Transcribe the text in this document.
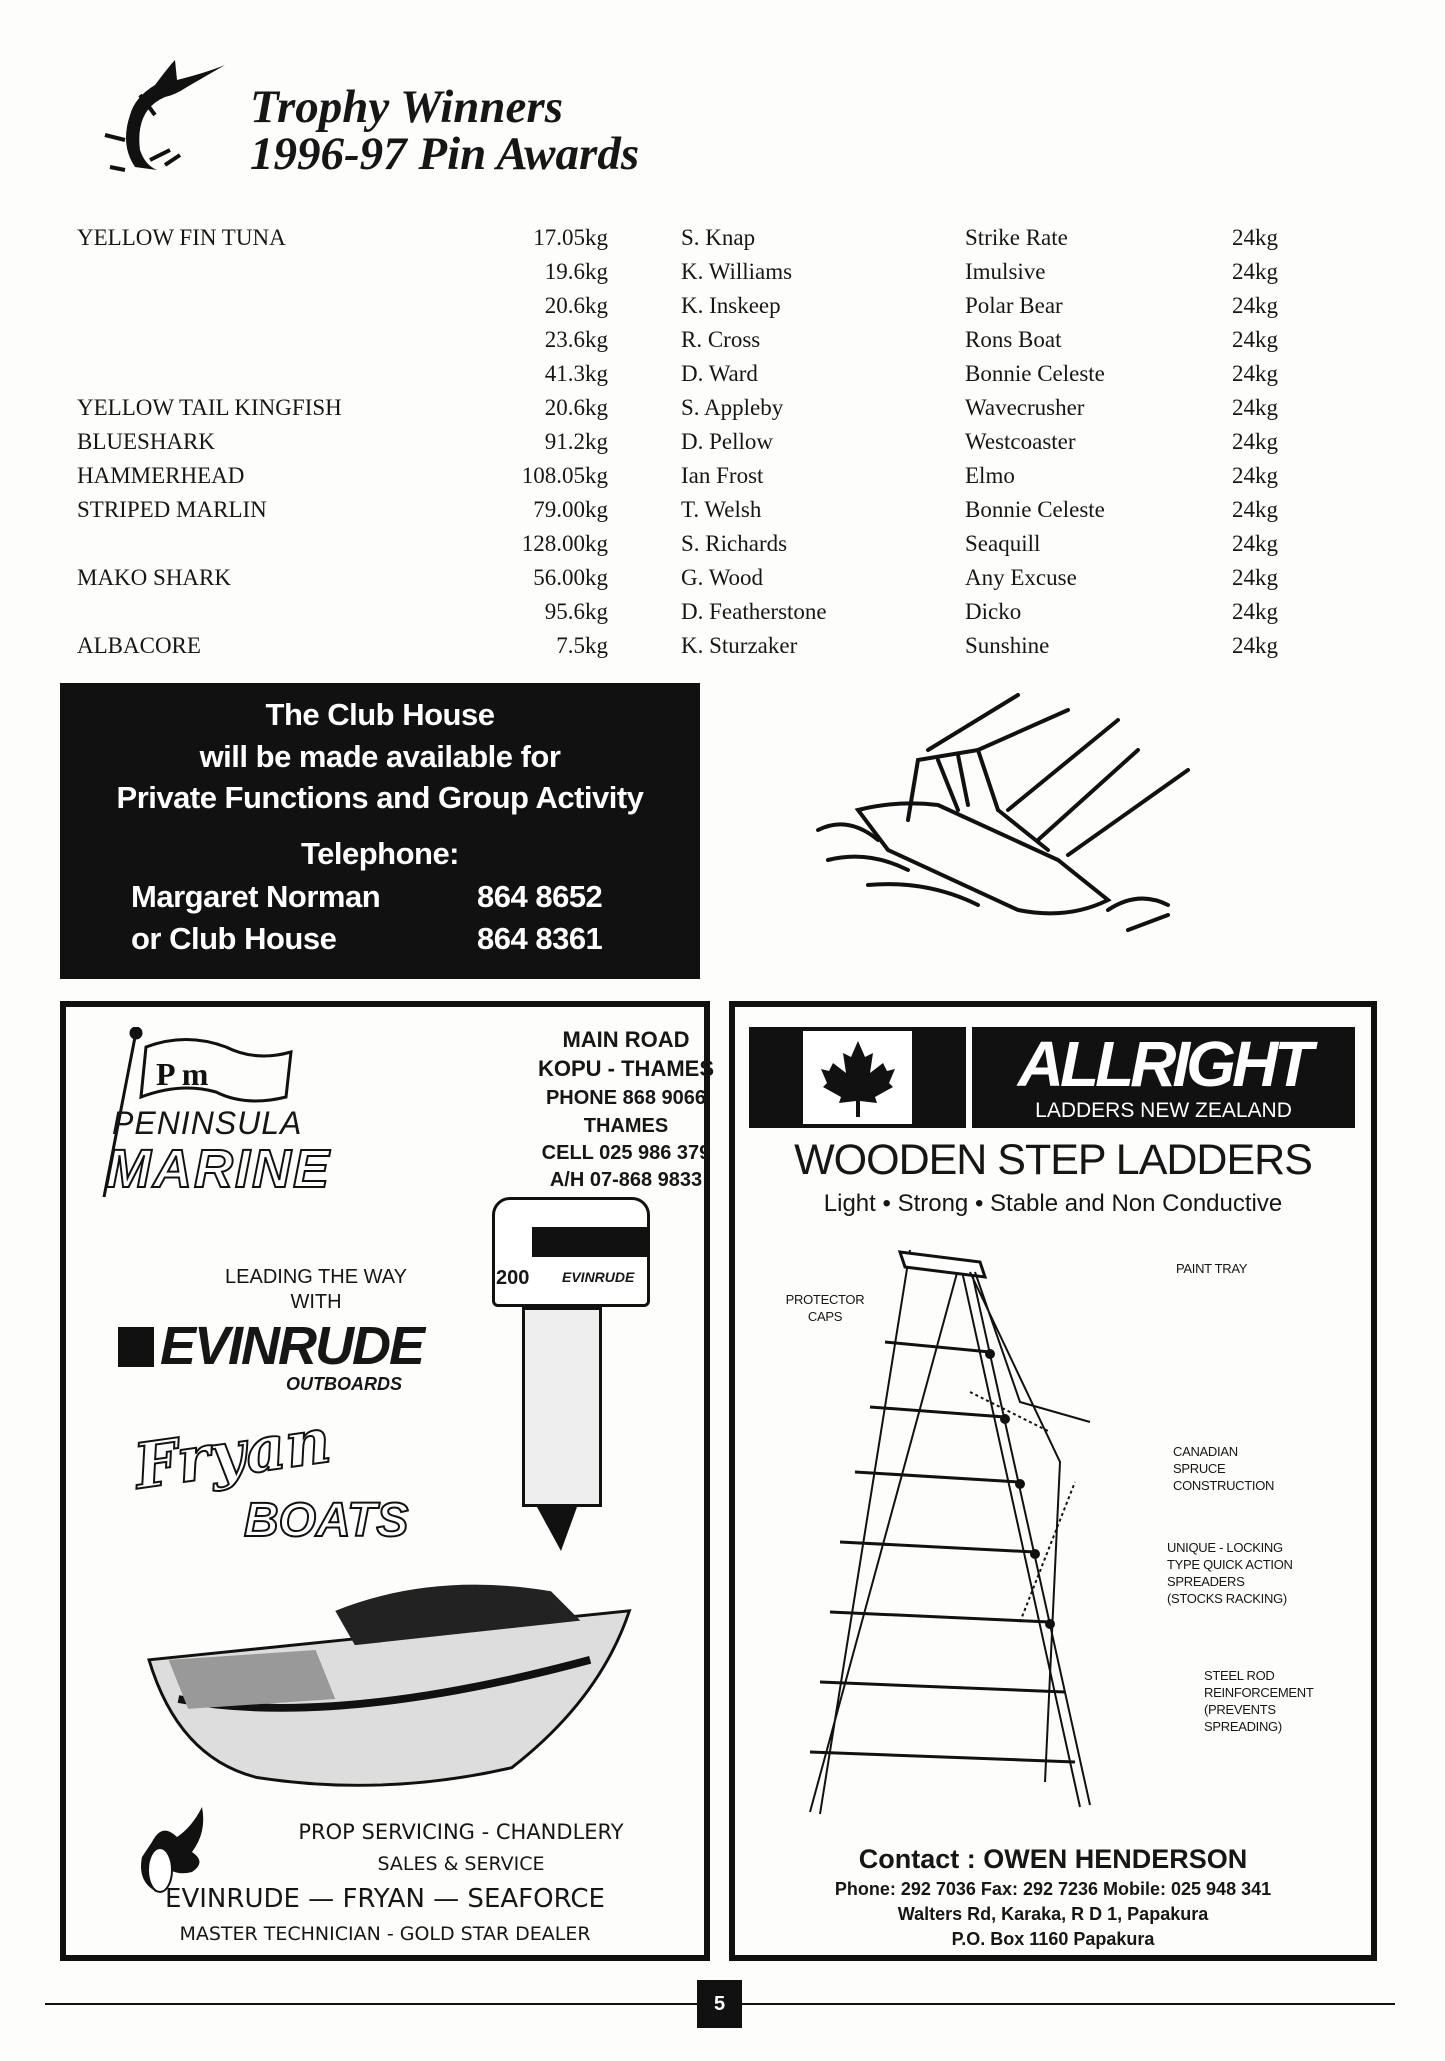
Trophy Winners
1996-97 Pin Awards
YELLOW FIN TUNA	17.05kg	S. Knap	Strike Rate	24kg
19.6kg	K. Williams	Imulsive	24kg
20.6kg	K. Inskeep	Polar Bear	24kg
23.6kg	R. Cross	Rons Boat	24kg
41.3kg	D. Ward	Bonnie Celeste	24kg
YELLOW TAIL KINGFISH	20.6kg	S. Appleby	Wavecrusher	24kg
BLUESHARK	91.2kg	D. Pellow	Westcoaster	24kg
HAMMERHEAD	108.05kg	Ian Frost	Elmo	24kg
STRIPED MARLIN	79.00kg	T. Welsh	Bonnie Celeste	24kg
128.00kg	S. Richards	Seaquill	24kg
MAKO SHARK	56.00kg	G. Wood	Any Excuse	24kg
95.6kg	D. Featherstone	Dicko	24kg
ALBACORE	7.5kg	K. Sturzaker	Sunshine	24kg
The Club House
will be made available for
Private Functions and Group Activity
Telephone:
Margaret Norman	864 8652
or Club House	864 8361
P m
PENINSULA
MARINE
MAIN ROAD
KOPU - THAMES
PHONE 868 9066
THAMES
CELL 025 986 379
A/H 07-868 9833
200 EVINRUDE
LEADING THE WAY
WITH
EVINRUDE
OUTBOARDS
Fryan
BOATS
PROP SERVICING - CHANDLERY
SALES & SERVICE
EVINRUDE — FRYAN — SEAFORCE
MASTER TECHNICIAN - GOLD STAR DEALER
ALLRIGHT
LADDERS NEW ZEALAND
WOODEN STEP LADDERS
Light • Strong • Stable and Non Conductive
PAINT TRAY
PROTECTOR
CAPS
CANADIAN
SPRUCE
CONSTRUCTION
UNIQUE - LOCKING
TYPE QUICK ACTION
SPREADERS
(STOCKS RACKING)
STEEL ROD
REINFORCEMENT
(PREVENTS
SPREADING)
Contact : OWEN HENDERSON
Phone: 292 7036 Fax: 292 7236 Mobile: 025 948 341
Walters Rd, Karaka, R D 1, Papakura
P.O. Box 1160 Papakura
5
